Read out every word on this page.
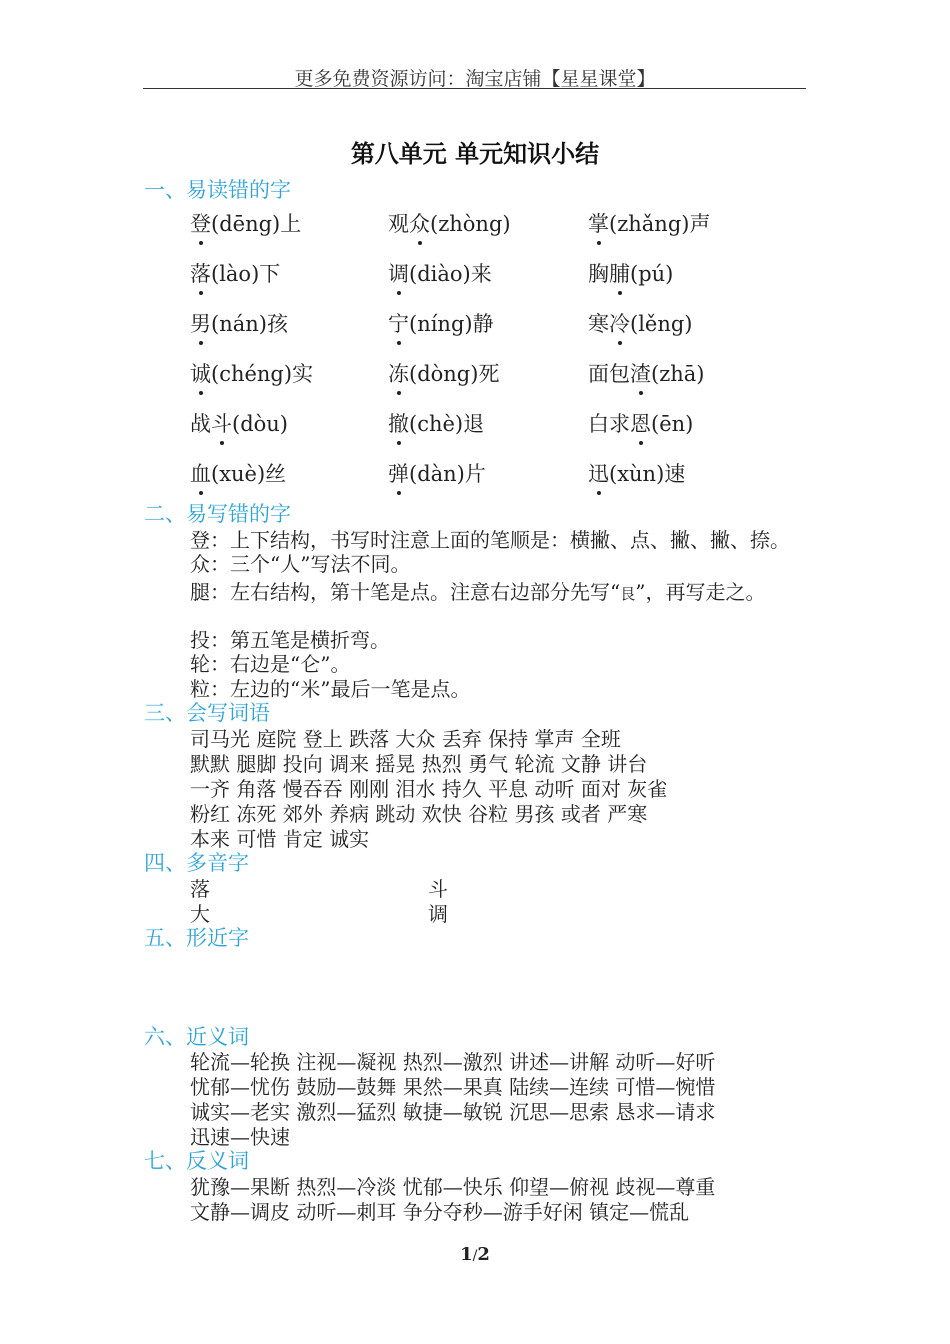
更多免费资源访问：淘宝店铺【星星课堂】
第八单元 单元知识小结
一、易读错的字
登(dēng)上	观众(zhòng)	掌(zhǎng)声
落(lào)下	调(diào)来	胸脯(pú)
男(nán)孩	宁(níng)静	寒冷(lěng)
诚(chéng)实	冻(dòng)死	面包渣(zhā)
战斗(dòu)	撤(chè)退	白求恩(ēn)
血(xuè)丝	弹(dàn)片	迅(xùn)速
二、易写错的字
登：上下结构，书写时注意上面的笔顺是：横撇、点、撇、撇、捺。
众：三个“人”写法不同。
腿：左右结构，第十笔是点。注意右边部分先写“艮”，再写走之。
投：第五笔是横折弯。
轮：右边是“仑”。
粒：左边的“米”最后一笔是点。
三、会写词语
司马光 庭院 登上 跌落 大众 丢弃 保持 掌声 全班
默默 腿脚 投向 调来 摇晃 热烈 勇气 轮流 文静 讲台
一齐 角落 慢吞吞 刚刚 泪水 持久 平息 动听 面对 灰雀
粉红 冻死 郊外 养病 跳动 欢快 谷粒 男孩 或者 严寒
本来 可惜 肯定 诚实
四、多音字
落	斗
大	调
五、形近字
六、近义词
轮流—轮换 注视—凝视 热烈—激烈 讲述—讲解 动听—好听
忧郁—忧伤 鼓励—鼓舞 果然—果真 陆续—连续 可惜—惋惜
诚实—老实 激烈—猛烈 敏捷—敏锐 沉思—思索 恳求—请求
迅速—快速
七、反义词
犹豫—果断 热烈—冷淡 忧郁—快乐 仰望—俯视 歧视—尊重
文静—调皮 动听—刺耳 争分夺秒—游手好闲 镇定—慌乱
1/2
